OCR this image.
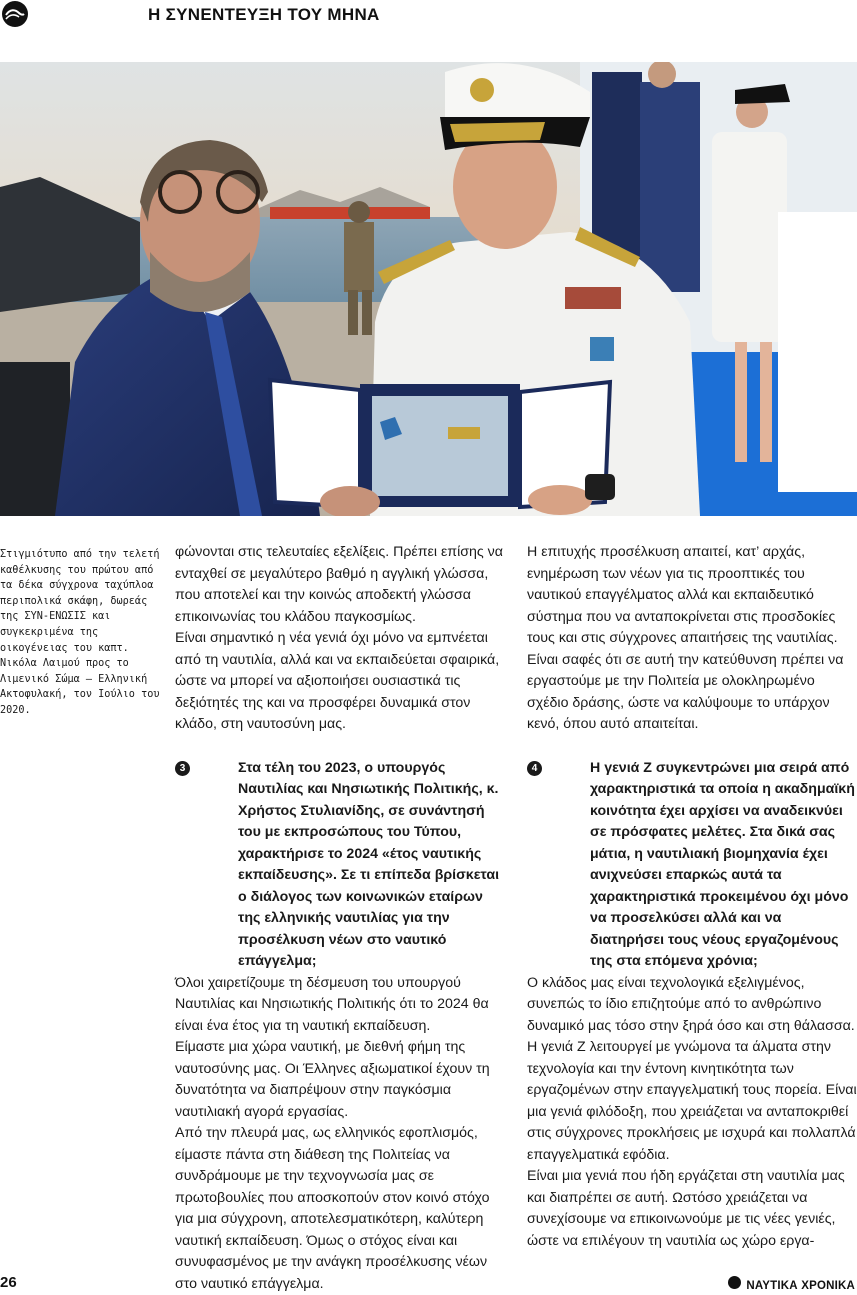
Η ΣΥΝΕΝΤΕΥΞΗ ΤΟΥ ΜΗΝΑ
Στιγμιότυπο από την τελετή καθέλκυσης του πρώτου από τα δέκα σύγχρονα ταχύπλοα περιπολικά σκάφη, δωρεάς της ΣΥΝ-ΕΝΩΣΙΣ και συγκεκριμένα της οικογένειας του καπτ. Νικόλα Λαιμού προς το Λιμενικό Σώμα – Ελληνική Ακτοφυλακή, τον Ιούλιο του 2020.

φώνονται στις τελευταίες εξελίξεις. Πρέπει επίσης να ενταχθεί σε μεγαλύτερο βαθμό η αγγλική γλώσσα, που αποτελεί και την κοινώς αποδεκτή γλώσσα επικοινωνίας του κλάδου παγκοσμίως.

Είναι σημαντικό η νέα γενιά όχι μόνο να εμπνέεται από τη ναυτιλία, αλλά και να εκπαιδεύεται σφαιρικά, ώστε να μπορεί να αξιοποιήσει ουσιαστικά τις δεξιότητές της και να προσφέρει δυναμικά στον κλάδο, στη ναυτοσύνη μας.

3	Στα τέλη του 2023, ο υπουργός Ναυτιλίας και Νησιωτικής Πολιτικής, κ. Χρήστος Στυλιανίδης, σε συνάντησή του με εκπροσώπους του Τύπου, χαρακτήρισε το 2024 «έτος ναυτικής εκπαίδευσης». Σε τι επίπεδα βρίσκεται ο διάλογος των κοινωνικών εταίρων της ελληνικής ναυτιλίας για την προσέλκυση νέων στο ναυτικό επάγγελμα;

Όλοι χαιρετίζουμε τη δέσμευση του υπουργού Ναυτιλίας και Νησιωτικής Πολιτικής ότι το 2024 θα είναι ένα έτος για τη ναυτική εκπαίδευση.

Είμαστε μια χώρα ναυτική, με διεθνή φήμη της ναυτοσύνης μας. Οι Έλληνες αξιωματικοί έχουν τη δυνατότητα να διαπρέψουν στην παγκόσμια ναυτιλιακή αγορά εργασίας.

Από την πλευρά μας, ως ελληνικός εφοπλισμός, είμαστε πάντα στη διάθεση της Πολιτείας να συνδράμουμε με την τεχνογνωσία μας σε πρωτοβουλίες που αποσκοπούν στον κοινό στόχο για μια σύγχρονη, αποτελεσματικότερη, καλύτερη ναυτική εκπαίδευση. Όμως ο στόχος είναι και συνυφασμένος με την ανάγκη προσέλκυσης νέων στο ναυτικό επάγγελμα.

Η επιτυχής προσέλκυση απαιτεί, κατ’ αρχάς, ενημέρωση των νέων για τις προοπτικές του ναυτικού επαγγέλματος αλλά και εκπαιδευτικό σύστημα που να ανταποκρίνεται στις προσδοκίες τους και στις σύγχρονες απαιτήσεις της ναυτιλίας.

Είναι σαφές ότι σε αυτή την κατεύθυνση πρέπει να εργαστούμε με την Πολιτεία με ολοκληρωμένο σχέδιο δράσης, ώστε να καλύψουμε το υπάρχον κενό, όπου αυτό απαιτείται.

4	Η γενιά Ζ συγκεντρώνει μια σειρά από χαρακτηριστικά τα οποία η ακαδημαϊκή κοινότητα έχει αρχίσει να αναδεικνύει σε πρόσφατες μελέτες. Στα δικά σας μάτια, η ναυτιλιακή βιομηχανία έχει ανιχνεύσει επαρκώς αυτά τα χαρακτηριστικά προκειμένου όχι μόνο να προσελκύσει αλλά και να διατηρήσει τους νέους εργαζομένους της στα επόμενα χρόνια;

Ο κλάδος μας είναι τεχνολογικά εξελιγμένος, συνεπώς το ίδιο επιζητούμε από το ανθρώπινο δυναμικό μας τόσο στην ξηρά όσο και στη θάλασσα.

Η γενιά Ζ λειτουργεί με γνώμονα τα άλματα στην τεχνολογία και την έντονη κινητικότητα των εργαζομένων στην επαγγελματική τους πορεία. Είναι μια γενιά φιλόδοξη, που χρειάζεται να ανταποκριθεί στις σύγχρονες προκλήσεις με ισχυρά και πολλαπλά επαγγελματικά εφόδια.

Είναι μια γενιά που ήδη εργάζεται στη ναυτιλία μας και διαπρέπει σε αυτή. Ωστόσο χρειάζεται να συνεχίσουμε να επικοινωνούμε με τις νέες γενιές, ώστε να επιλέγουν τη ναυτιλία ως χώρο εργα-

26	ΝΑΥΤΙΚΑ ΧΡΟΝΙΚΑ
